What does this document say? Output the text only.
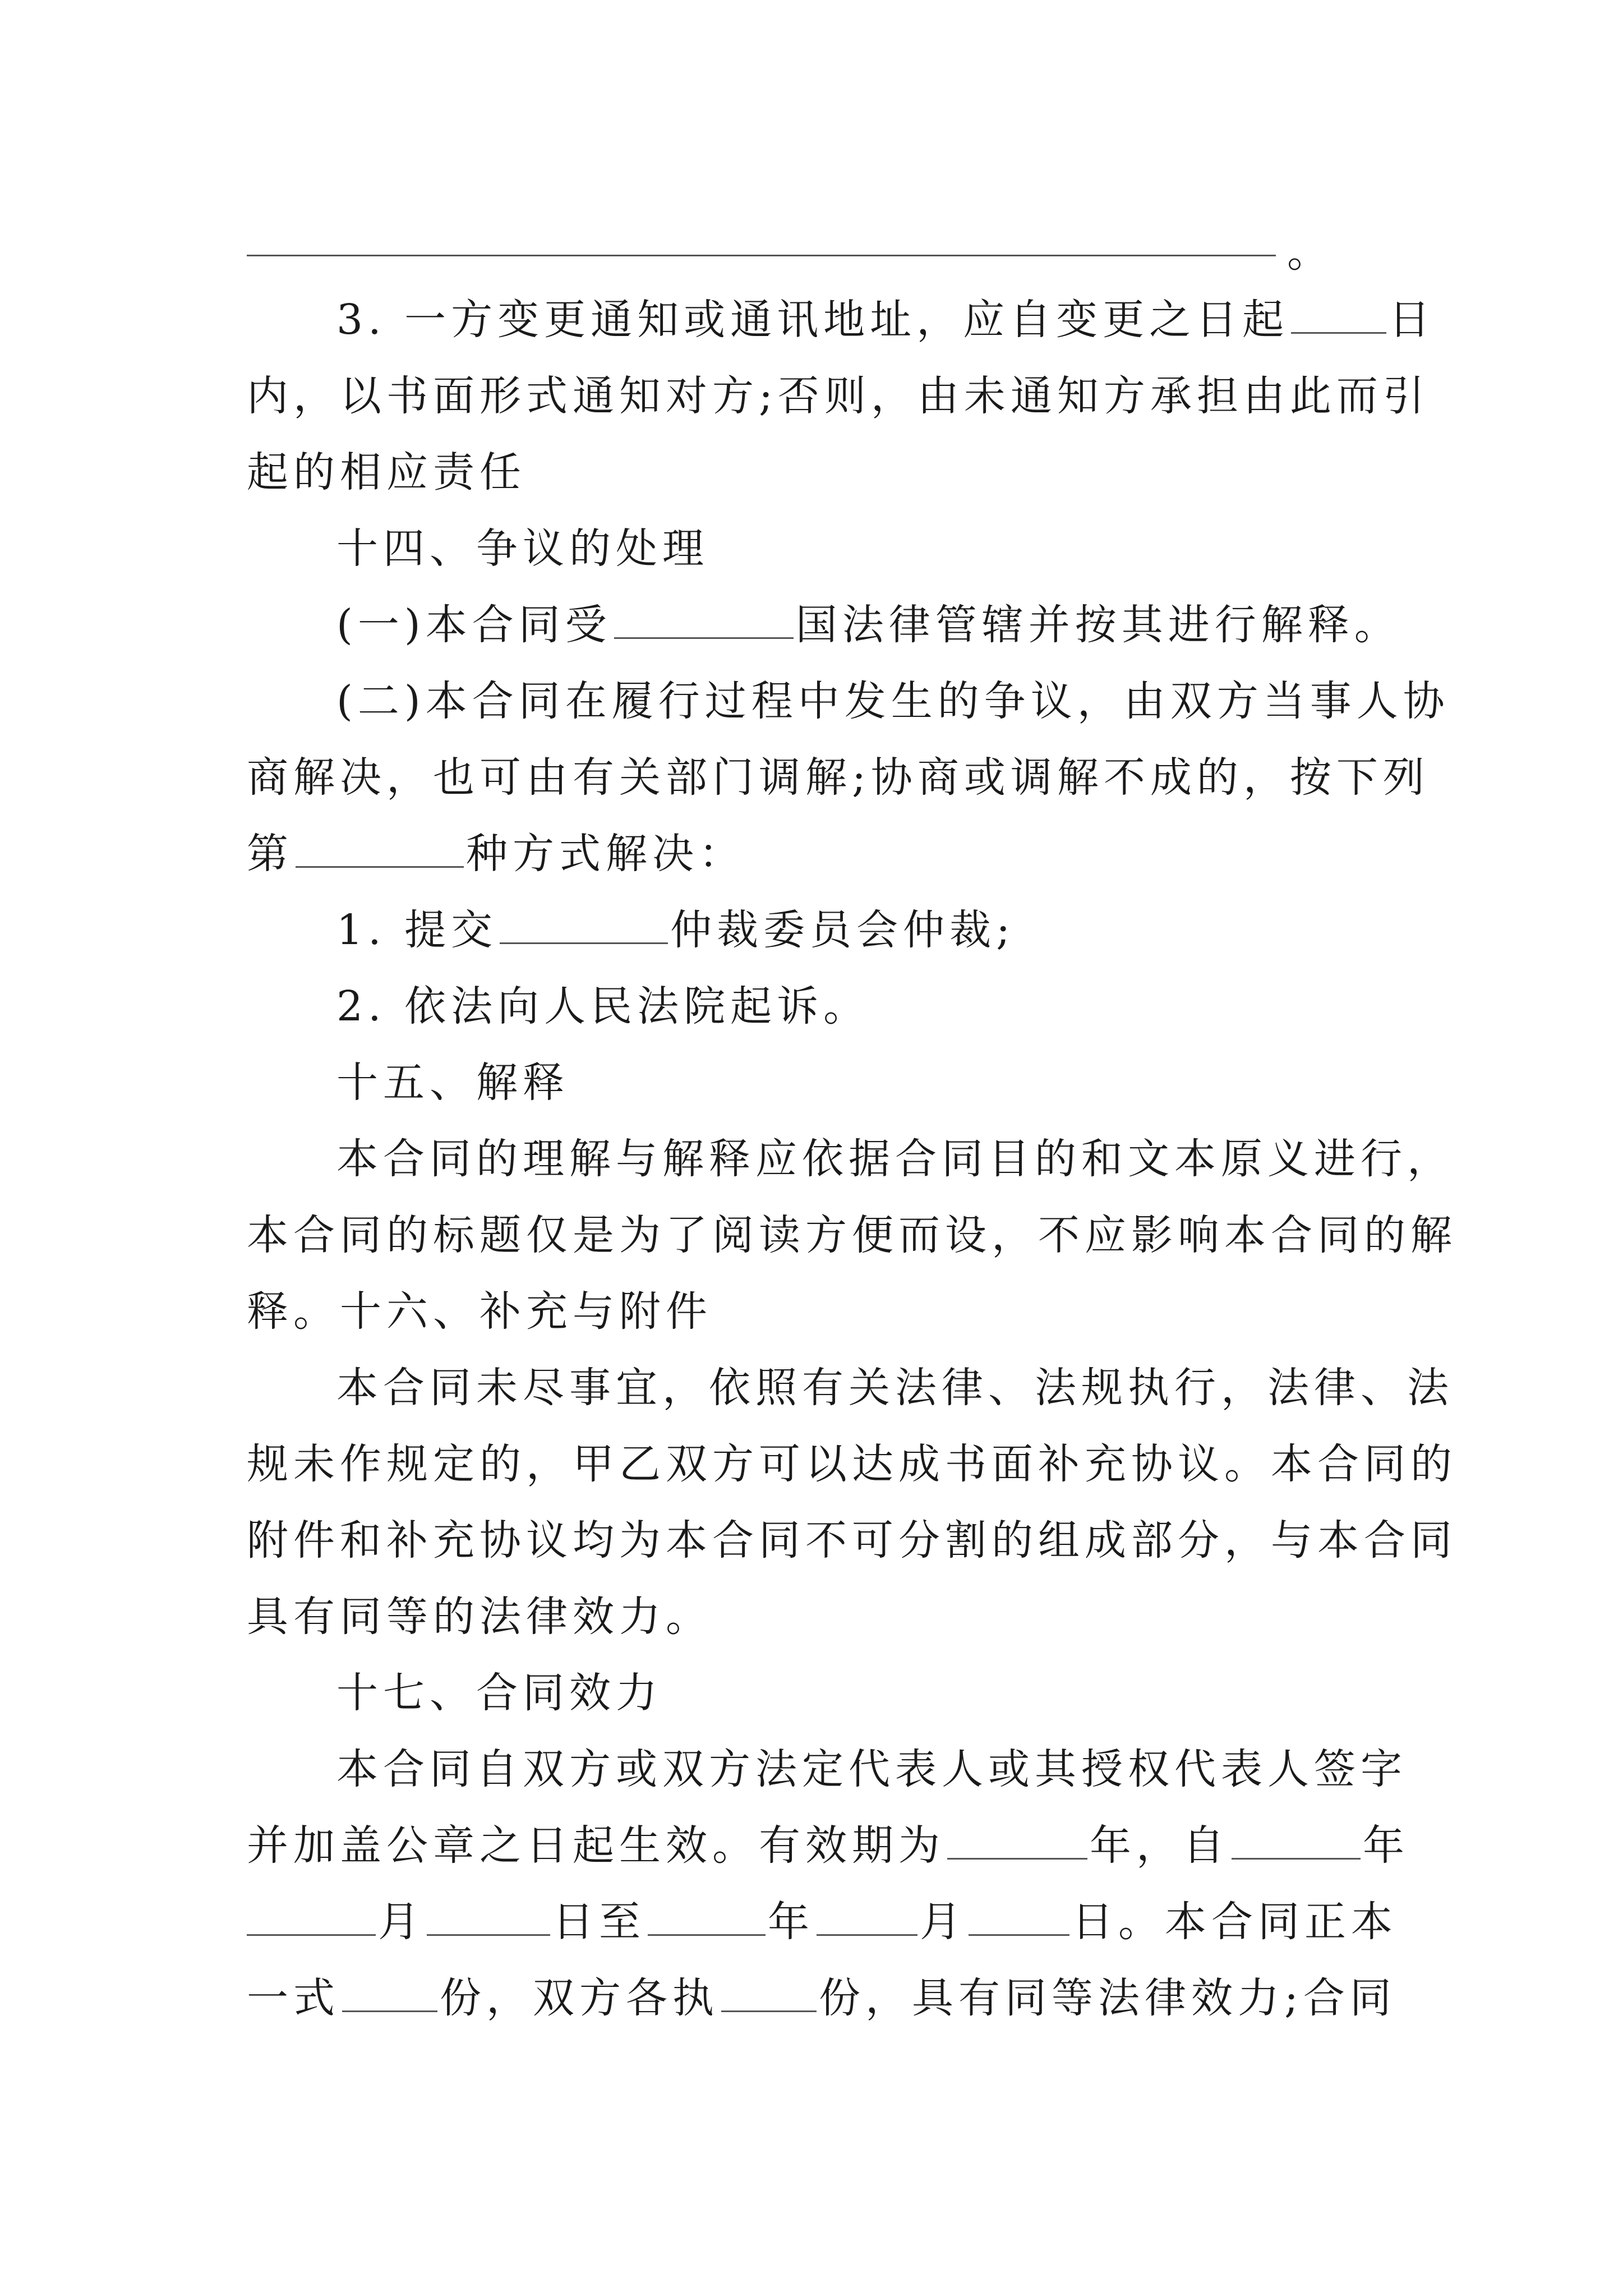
。
3. 一方变更通知或通讯地址，应自变更之日起 日
内，以书面形式通知对方;否则，由未通知方承担由此而引
起的相应责任
十四、争议的处理
(一)本合同受	国法律管辖并按其进行解释。
(二)本合同在履行过程中发生的争议，由双方当事人协
商解决，也可由有关部门调解;协商或调解不成的，按下列
第	种方式解决：
1. 提交	仲裁委员会仲裁;
2. 依法向人民法院起诉。
十五、解释
本合同的理解与解释应依据合同目的和文本原义进行，
本合同的标题仅是为了阅读方便而设，不应影响本合同的解
释。十六、补充与附件
本合同未尽事宜，依照有关法律、法规执行，法律、法
规未作规定的，甲乙双方可以达成书面补充协议。本合同的
附件和补充协议均为本合同不可分割的组成部分，与本合同
具有同等的法律效力。
十七、合同效力
本合同自双方或双方法定代表人或其授权代表人签字
并加盖公章之日起生效。有效期为	年，自	年
月	日至	年	月	日。本合同正本
一式 份，双方各执 份，具有同等法律效力;合同
